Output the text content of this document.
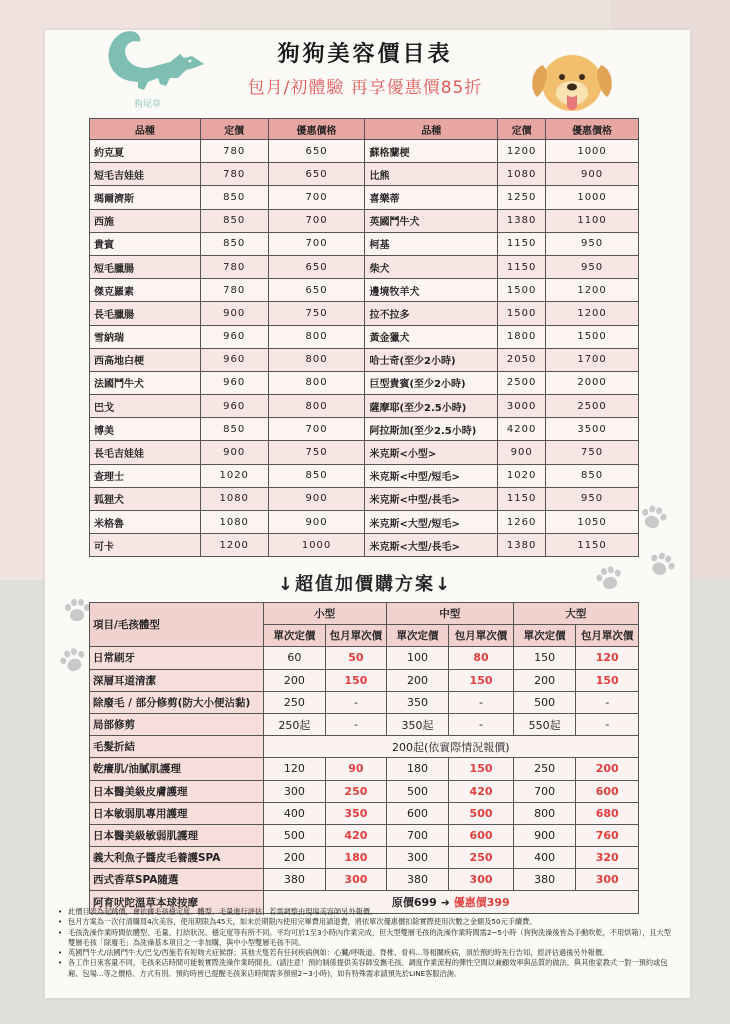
狗尾草
狗狗美容價目表
包月/初體驗 再享優惠價85折
品種	定價	優惠價格	品種	定價	優惠價格
約克夏	780	650	蘇格蘭梗	1200	1000
短毛吉娃娃	780	650	比熊	1080	900
瑪爾濟斯	850	700	喜樂蒂	1250	1000
西施	850	700	英國鬥牛犬	1380	1100
貴賓	850	700	柯基	1150	950
短毛臘腸	780	650	柴犬	1150	950
傑克羅素	780	650	邊境牧羊犬	1500	1200
長毛臘腸	900	750	拉不拉多	1500	1200
雪納瑞	960	800	黃金獵犬	1800	1500
西高地白梗	960	800	哈士奇(至少2小時)	2050	1700
法國鬥牛犬	960	800	巨型貴賓(至少2小時)	2500	2000
巴戈	960	800	薩摩耶(至少2.5小時)	3000	2500
博美	850	700	阿拉斯加(至少2.5小時)	4200	3500
長毛吉娃娃	900	750	米克斯<小型>	900	750
查理士	1020	850	米克斯<中型/短毛>	1020	850
狐狸犬	1080	900	米克斯<中型/長毛>	1150	950
米格魯	1080	900	米克斯<大型/短毛>	1260	1050
可卡	1200	1000	米克斯<大型/長毛>	1380	1150
↓超值加價購方案↓
項目/毛孩體型	小型		中型		大型	
	單次定價	包月單次價	單次定價	包月單次價	單次定價	包月單次價
日常刷牙	60	50	100	80	150	120
深層耳道清潔	200	150	200	150	200	150
除廢毛 / 部分修剪(防大小便沾黏)	250	-	350	-	500	-
局部修剪	250起	-	350起	-	550起	-
毛髮折結	200起(依實際情況報價)					
乾癢肌/油膩肌護理	120	90	180	150	250	200
日本醫美級皮膚護理	300	250	500	420	700	600
日本敏弱肌專用護理	400	350	600	500	800	680
日本醫美級敏弱肌護理	500	420	700	600	900	760
義大利魚子醬皮毛養護SPA	200	180	300	250	400	320
西式香草SPA隨選	380	300	380	300	380	300
阿育吠陀溫草本球按摩	原價699 ➜ 優惠價399					
• 此價目表為起跳價，會依據毛孩穩定度、體型、毛量進行評估，若需調整由現場美容師另外報價。
• 包月方案為一次付清購買4次美容，使用期限為45天，如未於期限內使用完畢費用請退費，將依單次優惠價扣除實際使用次數之金額及50元手續費。
• 毛孩洗澡作業時間依體型、毛量、打結狀況、穩定度等有所不同。平均可於1至3小時內作業完成，但大型雙層毛孩的洗澡作業時間需2~5小時（狗狗洗澡後皆為手動吹乾，不用烘箱），且大型雙層毛孩「除廢毛」為洗澡基本項目之一非加購，與中小型雙層毛孩不同。
• 英國鬥牛犬/法國鬥牛犬/巴戈/西施若有短吻犬症候群；其他犬隻若有任何疾病例如：心臟/呼吸道、脊椎、骨科...等相關疾病，須於預約時先行告知，經評估過後另外報價。
• 各工作日來客量不同，毛孩來店時間可能較實際洗澡作業時間長。(請注意！預約制係提供美容師安撫毛孩、調度作業流程的彈性空間以兼顧效率與品質的做法，與其他家教式一對一預約或包廂、包場...等之價格、方式有別。預約時皆已提醒毛孩來店時間需多預留2~3小時)，如有特殊需求請預先於LINE客服洽詢。
